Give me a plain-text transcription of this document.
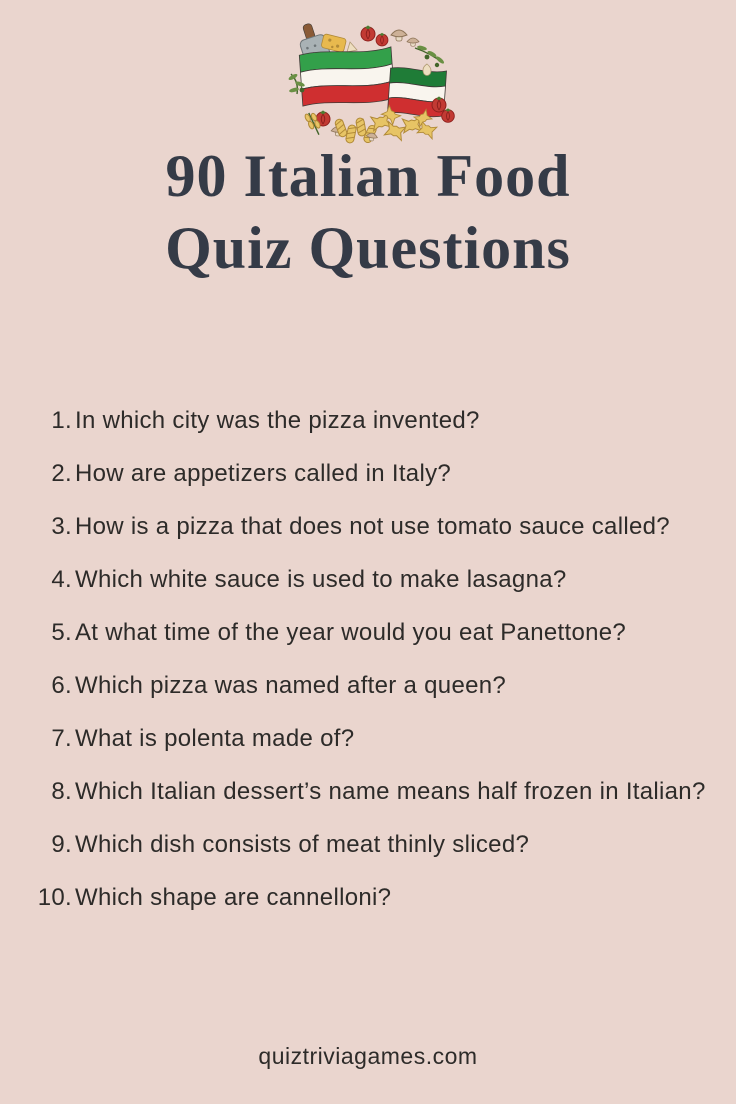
90 Italian Food
Quiz Questions
1. In which city was the pizza invented?
2. How are appetizers called in Italy?
3. How is a pizza that does not use tomato sauce called?
4. Which white sauce is used to make lasagna?
5. At what time of the year would you eat Panettone?
6. Which pizza was named after a queen?
7. What is polenta made of?
8. Which Italian dessert’s name means half frozen in Italian?
9. Which dish consists of meat thinly sliced?
10. Which shape are cannelloni?
quiztriviagames.com
